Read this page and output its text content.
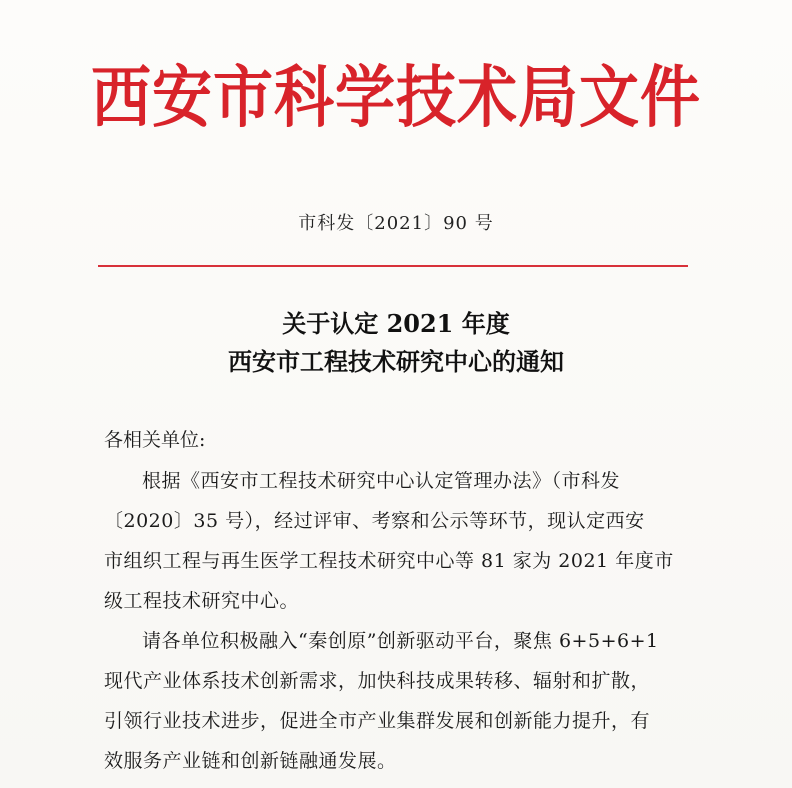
西安市科学技术局文件
市科发〔2021〕90 号
关于认定 2021 年度
西安市工程技术研究中心的通知
各相关单位:
根据《西安市工程技术研究中心认定管理办法》（市科发
〔2020〕35 号），经过评审、考察和公示等环节，现认定西安
市组织工程与再生医学工程技术研究中心等 81 家为 2021 年度市
级工程技术研究中心。
请各单位积极融入“秦创原”创新驱动平台，聚焦 6+5+6+1
现代产业体系技术创新需求，加快科技成果转移、辐射和扩散，
引领行业技术进步，促进全市产业集群发展和创新能力提升，有
效服务产业链和创新链融通发展。
